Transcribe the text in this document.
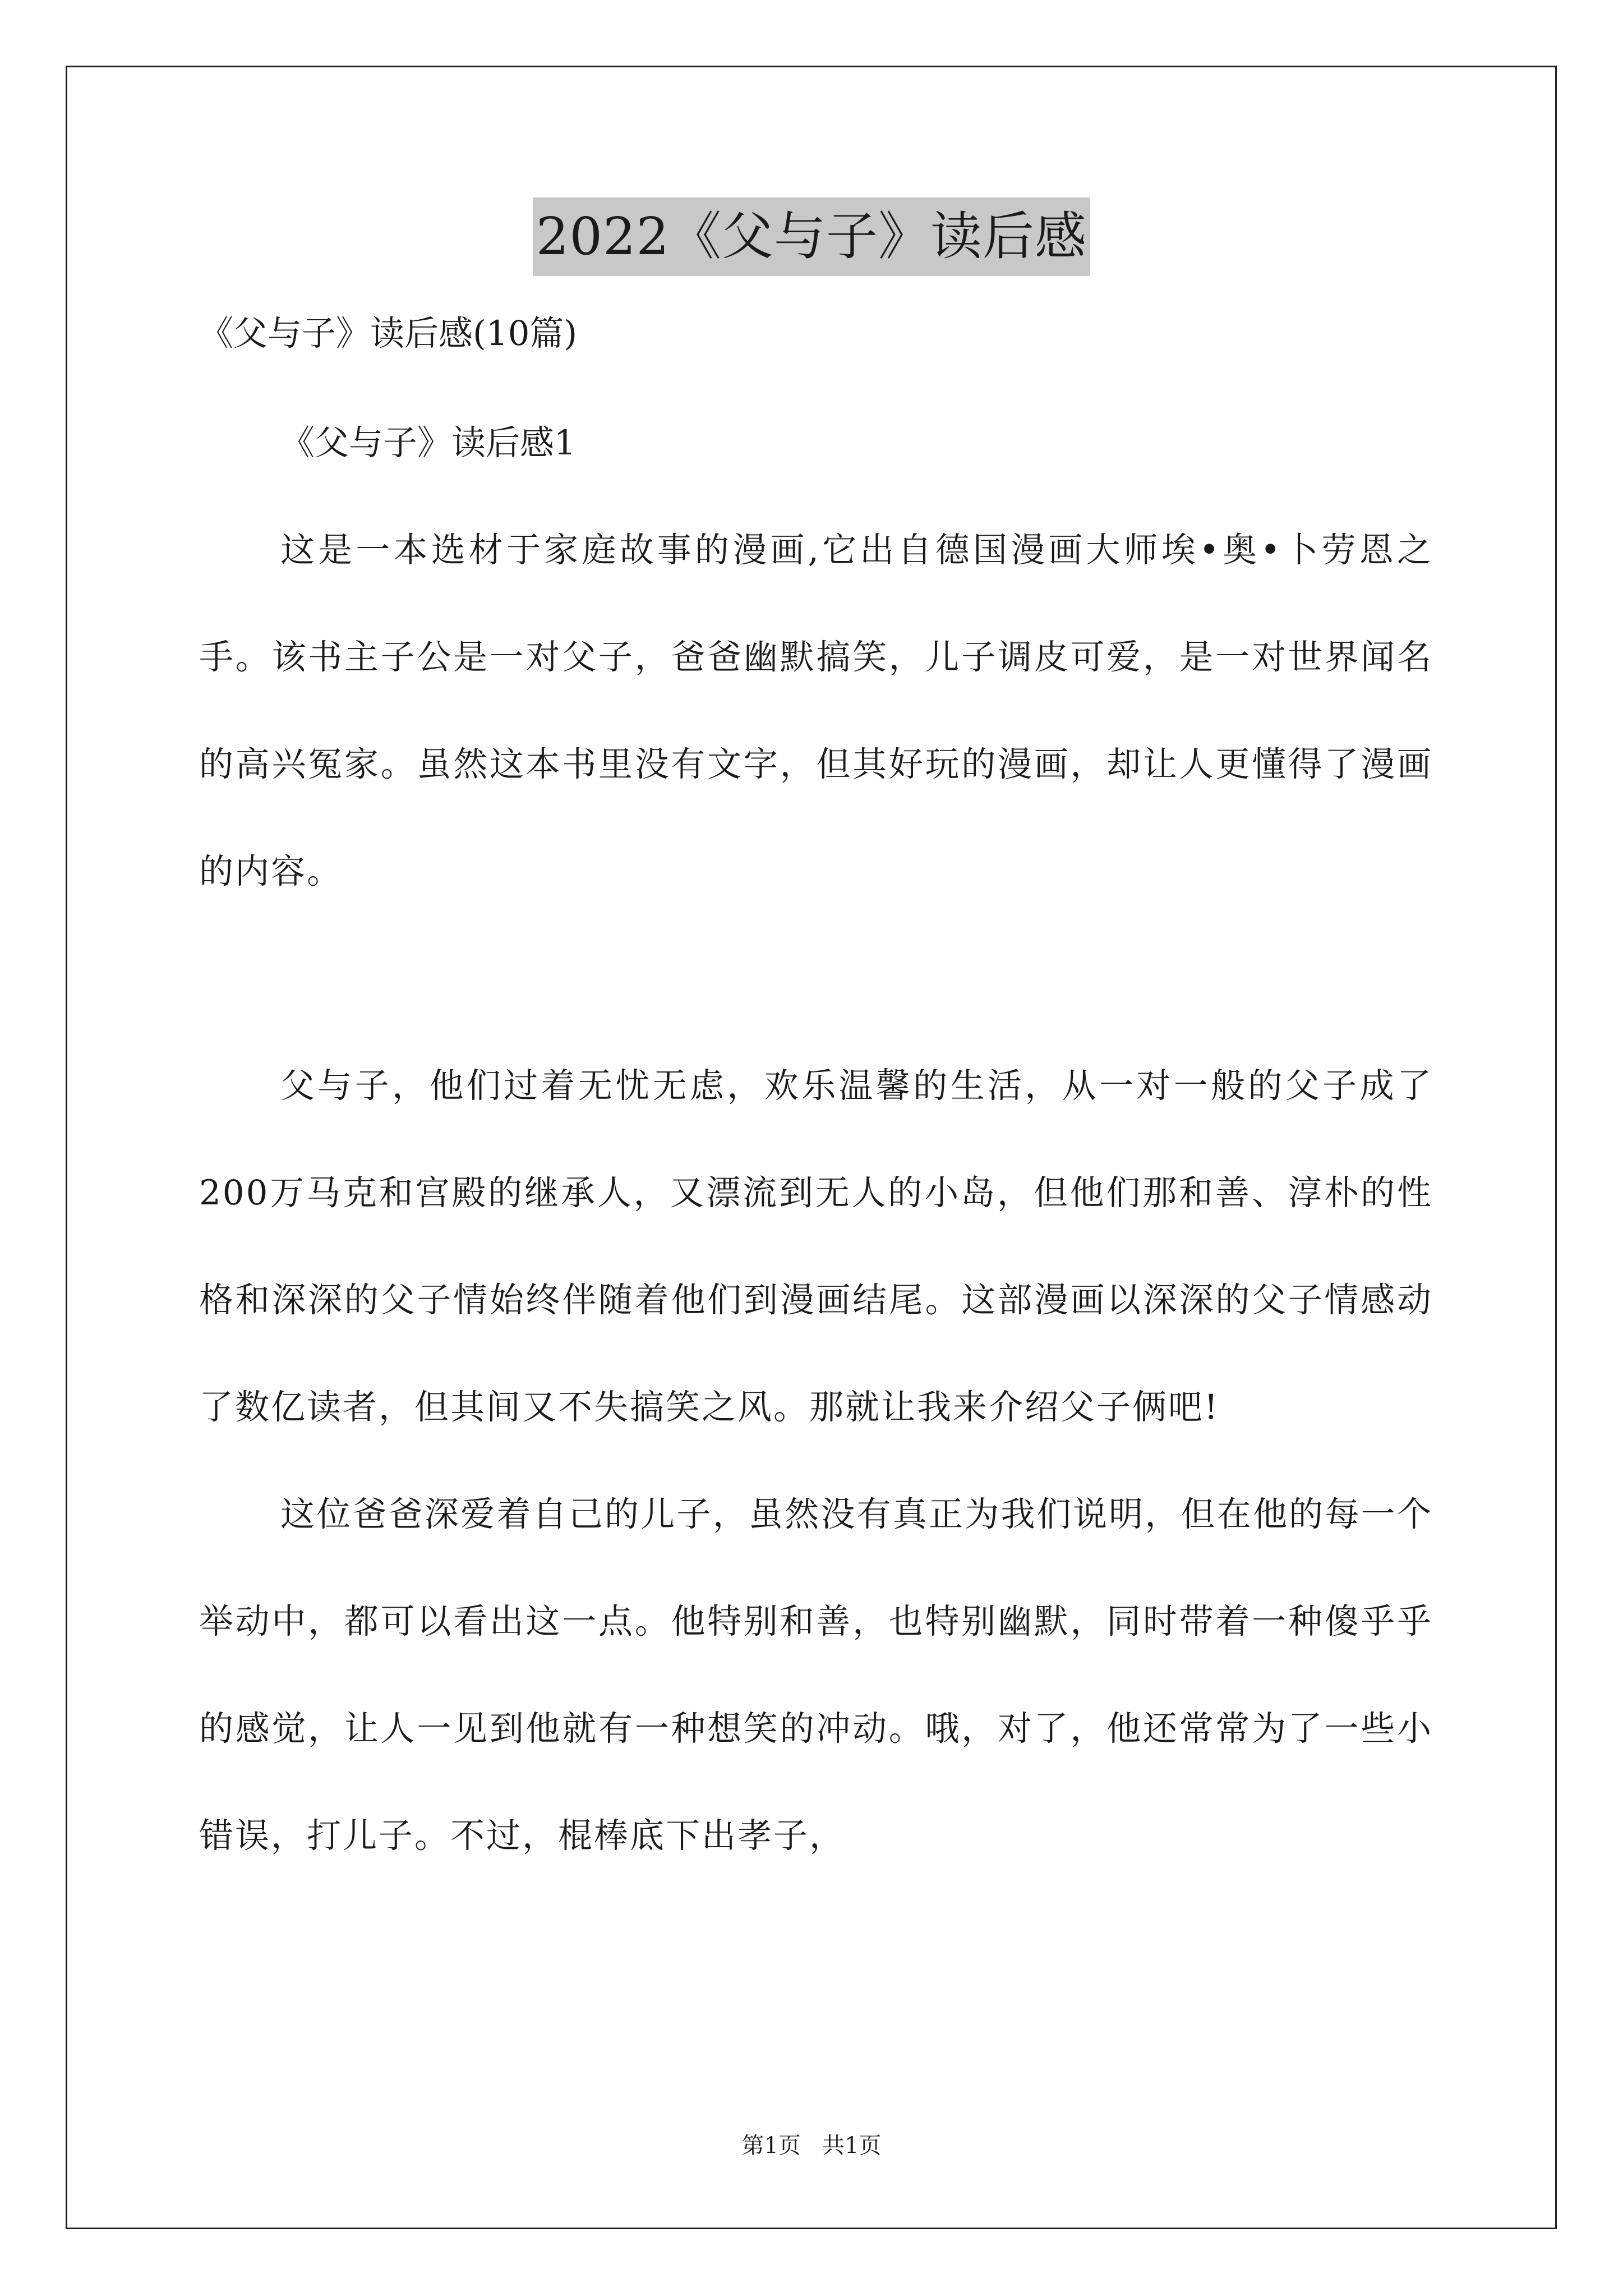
2022《父与子》读后感

《父与子》读后感(10篇)

《父与子》读后感1

这是一本选材于家庭故事的漫画,它出自德国漫画大师埃•奥•卜劳恩之手。该书主子公是一对父子，爸爸幽默搞笑，儿子调皮可爱，是一对世界闻名的高兴冤家。虽然这本书里没有文字，但其好玩的漫画，却让人更懂得了漫画的内容。

父与子，他们过着无忧无虑，欢乐温馨的生活，从一对一般的父子成了200万马克和宫殿的继承人，又漂流到无人的小岛，但他们那和善、淳朴的性格和深深的父子情始终伴随着他们到漫画结尾。这部漫画以深深的父子情感动了数亿读者，但其间又不失搞笑之风。那就让我来介绍父子俩吧!

这位爸爸深爱着自己的儿子，虽然没有真正为我们说明，但在他的每一个举动中，都可以看出这一点。他特别和善，也特别幽默，同时带着一种傻乎乎的感觉，让人一见到他就有一种想笑的冲动。哦，对了，他还常常为了一些小错误，打儿子。不过，棍棒底下出孝子，

第1页   共1页
